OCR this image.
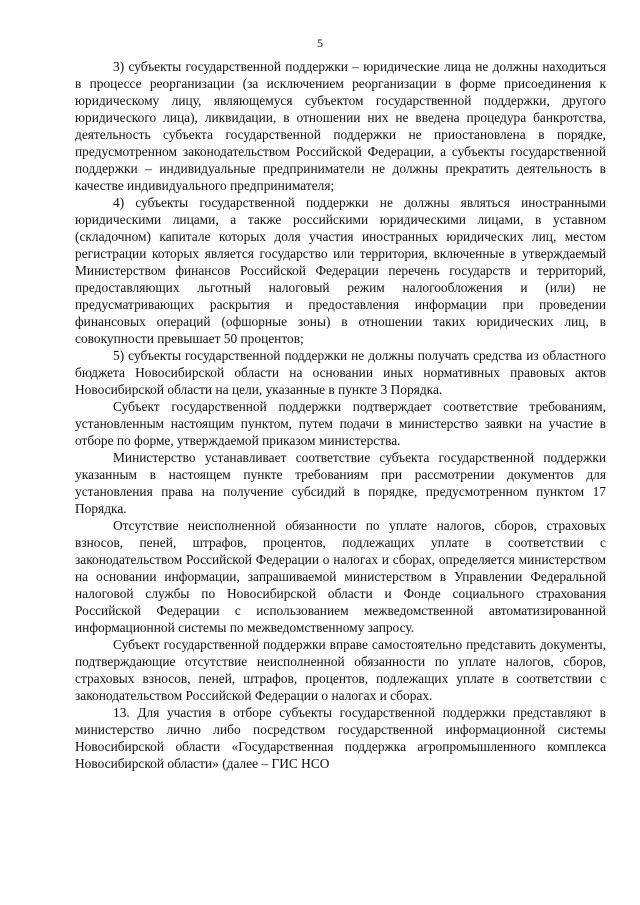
5

3) субъекты государственной поддержки – юридические лица не должны находиться в процессе реорганизации (за исключением реорганизации в форме присоединения к юридическому лицу, являющемуся субъектом государственной поддержки, другого юридического лица), ликвидации, в отношении них не введена процедура банкротства, деятельность субъекта государственной поддержки не приостановлена в порядке, предусмотренном законодательством Российской Федерации, а субъекты государственной поддержки – индивидуальные предприниматели не должны прекратить деятельность в качестве индивидуального предпринимателя;

4) субъекты государственной поддержки не должны являться иностранными юридическими лицами, а также российскими юридическими лицами, в уставном (складочном) капитале которых доля участия иностранных юридических лиц, местом регистрации которых является государство или территория, включенные в утверждаемый Министерством финансов Российской Федерации перечень государств и территорий, предоставляющих льготный налоговый режим налогообложения и (или) не предусматривающих раскрытия и предоставления информации при проведении финансовых операций (офшорные зоны) в отношении таких юридических лиц, в совокупности превышает 50 процентов;

5) субъекты государственной поддержки не должны получать средства из областного бюджета Новосибирской области на основании иных нормативных правовых актов Новосибирской области на цели, указанные в пункте 3 Порядка.

Субъект государственной поддержки подтверждает соответствие требованиям, установленным настоящим пунктом, путем подачи в министерство заявки на участие в отборе по форме, утверждаемой приказом министерства.

Министерство устанавливает соответствие субъекта государственной поддержки указанным в настоящем пункте требованиям при рассмотрении документов для установления права на получение субсидий в порядке, предусмотренном пунктом 17 Порядка.

Отсутствие неисполненной обязанности по уплате налогов, сборов, страховых взносов, пеней, штрафов, процентов, подлежащих уплате в соответствии с законодательством Российской Федерации о налогах и сборах, определяется министерством на основании информации, запрашиваемой министерством в Управлении Федеральной налоговой службы по Новосибирской области и Фонде социального страхования Российской Федерации с использованием межведомственной автоматизированной информационной системы по межведомственному запросу.

Субъект государственной поддержки вправе самостоятельно представить документы, подтверждающие отсутствие неисполненной обязанности по уплате налогов, сборов, страховых взносов, пеней, штрафов, процентов, подлежащих уплате в соответствии с законодательством Российской Федерации о налогах и сборах.

13. Для участия в отборе субъекты государственной поддержки представляют в министерство лично либо посредством государственной информационной системы Новосибирской области «Государственная поддержка агропромышленного комплекса Новосибирской области» (далее – ГИС НСО
